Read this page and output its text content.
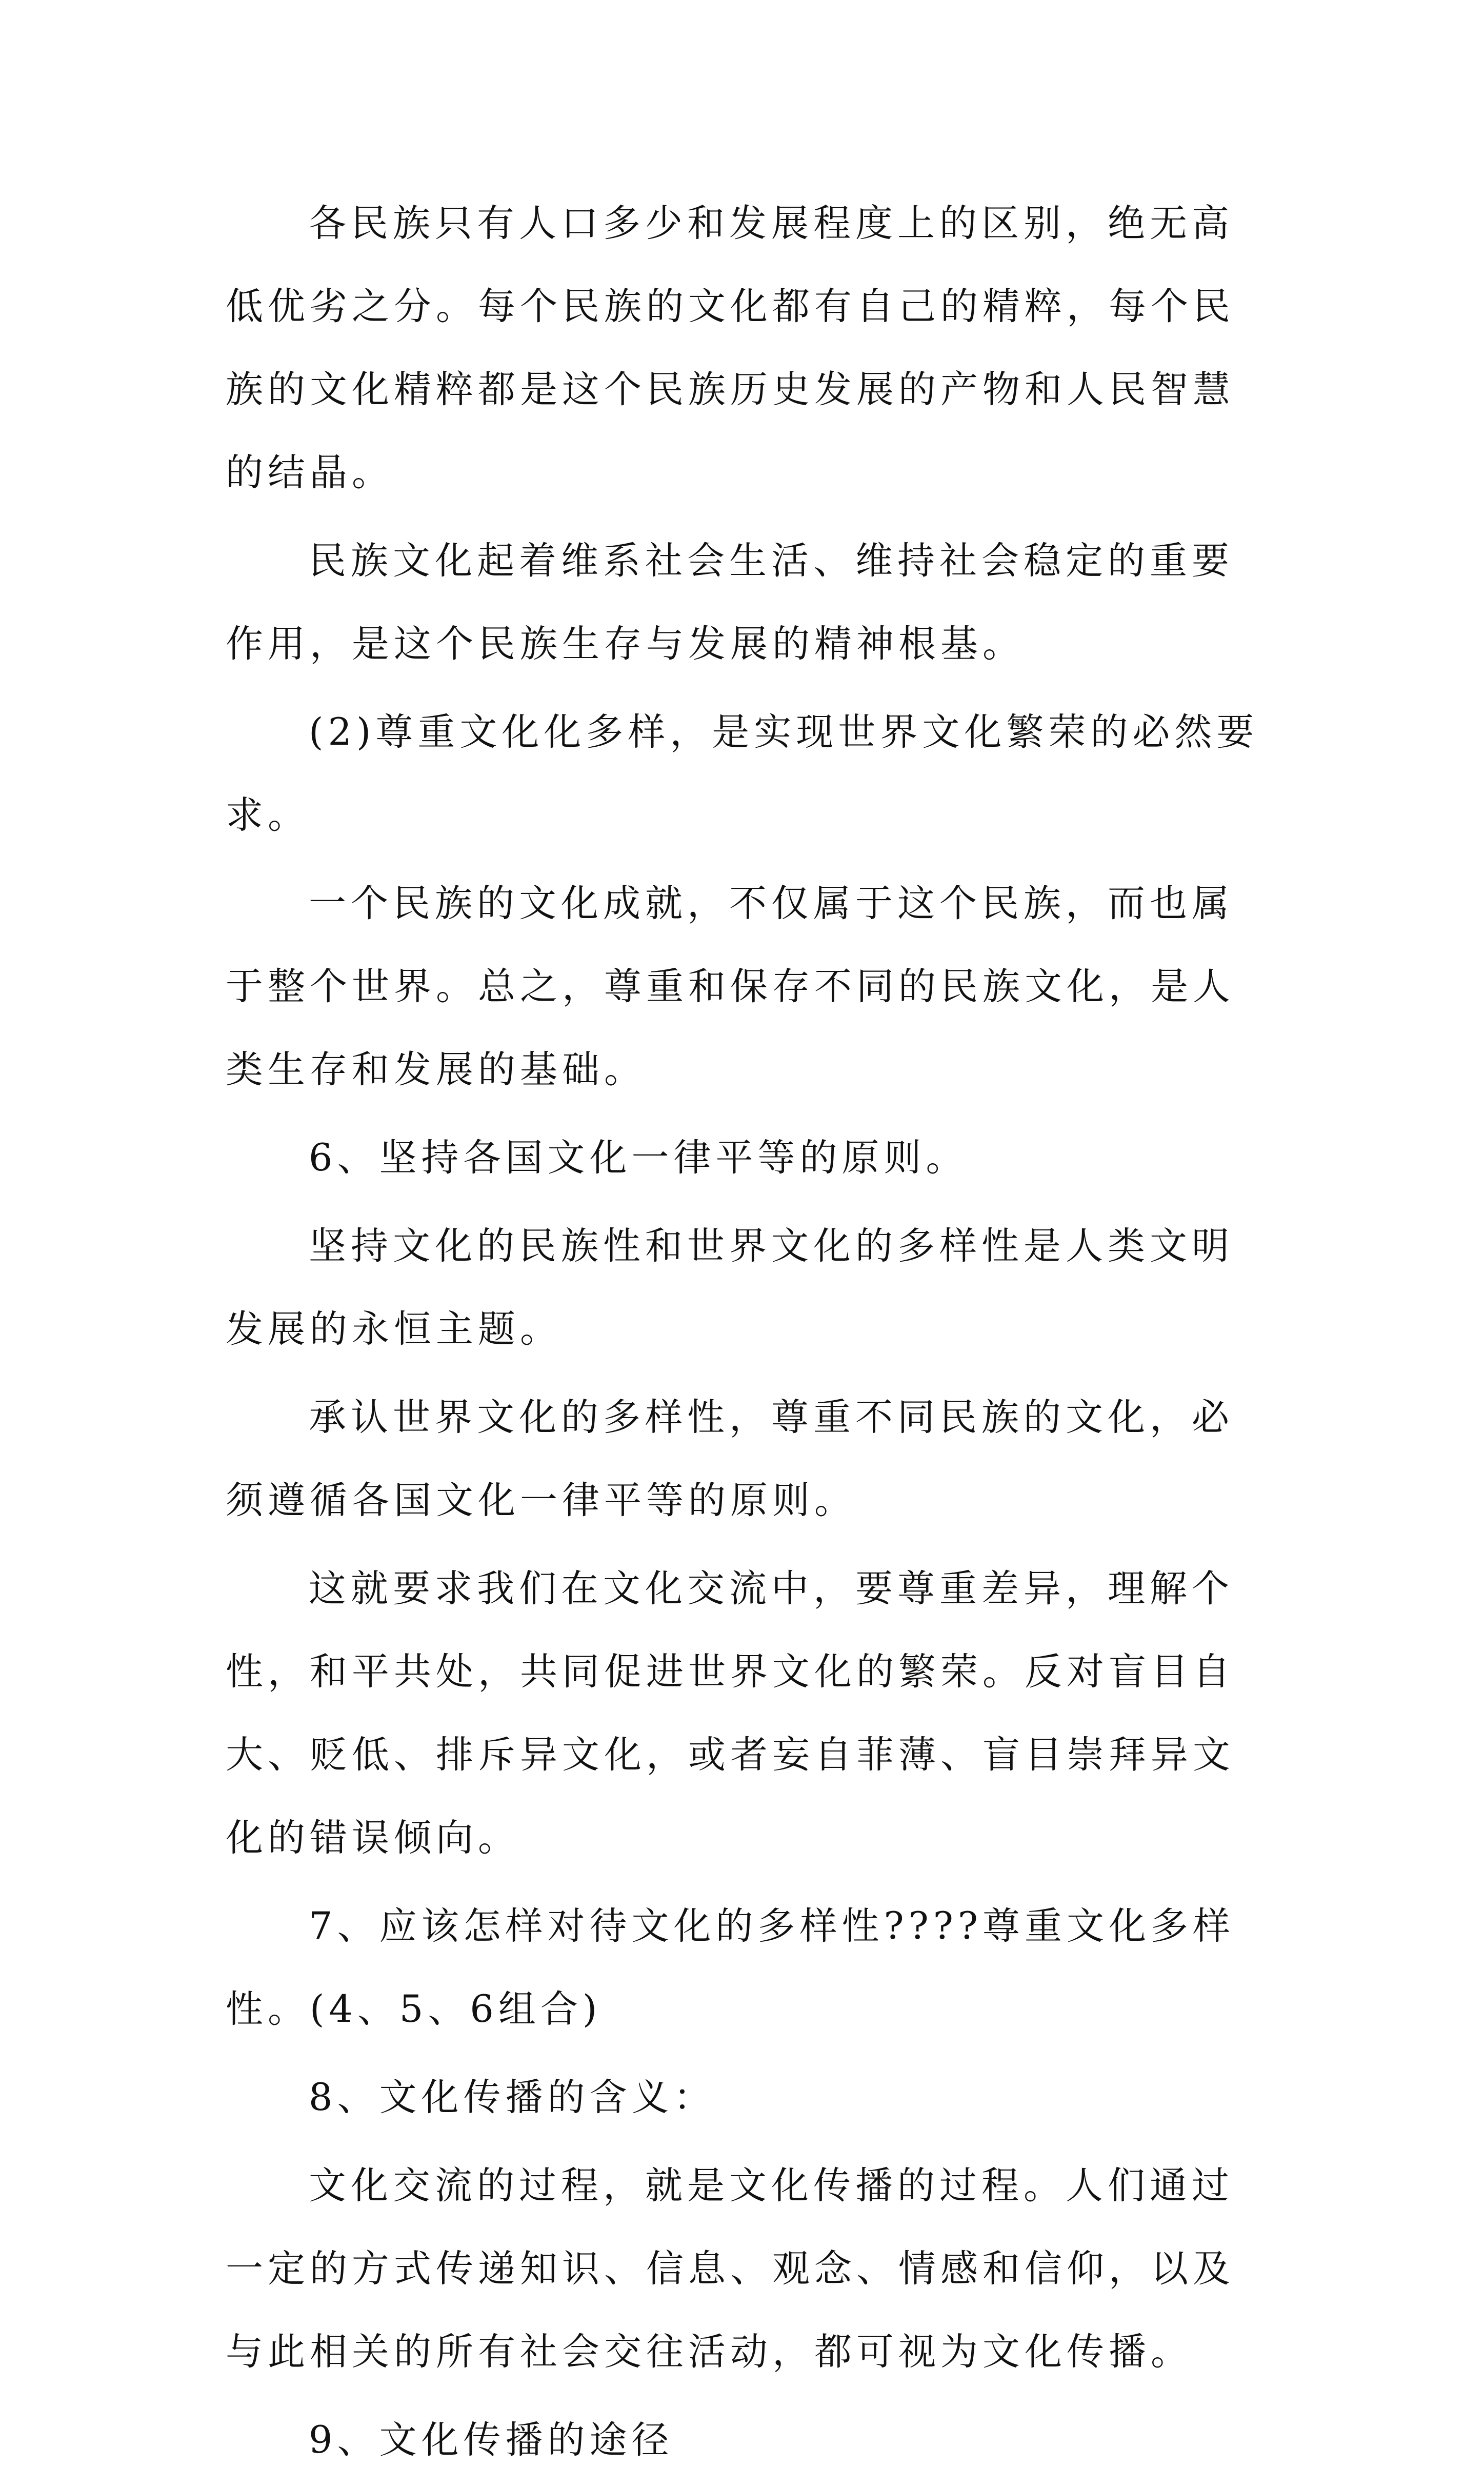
各民族只有人口多少和发展程度上的区别，绝无高低优劣之分。每个民族的文化都有自己的精粹，每个民族的文化精粹都是这个民族历史发展的产物和人民智慧的结晶。

民族文化起着维系社会生活、维持社会稳定的重要作用，是这个民族生存与发展的精神根基。

(2)尊重文化化多样，是实现世界文化繁荣的必然要求。

一个民族的文化成就，不仅属于这个民族，而也属于整个世界。总之，尊重和保存不同的民族文化，是人类生存和发展的基础。

6、坚持各国文化一律平等的原则。

坚持文化的民族性和世界文化的多样性是人类文明发展的永恒主题。

承认世界文化的多样性，尊重不同民族的文化，必须遵循各国文化一律平等的原则。

这就要求我们在文化交流中，要尊重差异，理解个性，和平共处，共同促进世界文化的繁荣。反对盲目自大、贬低、排斥异文化，或者妄自菲薄、盲目崇拜异文化的错误倾向。

7、应该怎样对待文化的多样性????尊重文化多样性。(4、5、6组合)

8、文化传播的含义：

文化交流的过程，就是文化传播的过程。人们通过一定的方式传递知识、信息、观念、情感和信仰，以及与此相关的所有社会交往活动，都可视为文化传播。

9、文化传播的途径
